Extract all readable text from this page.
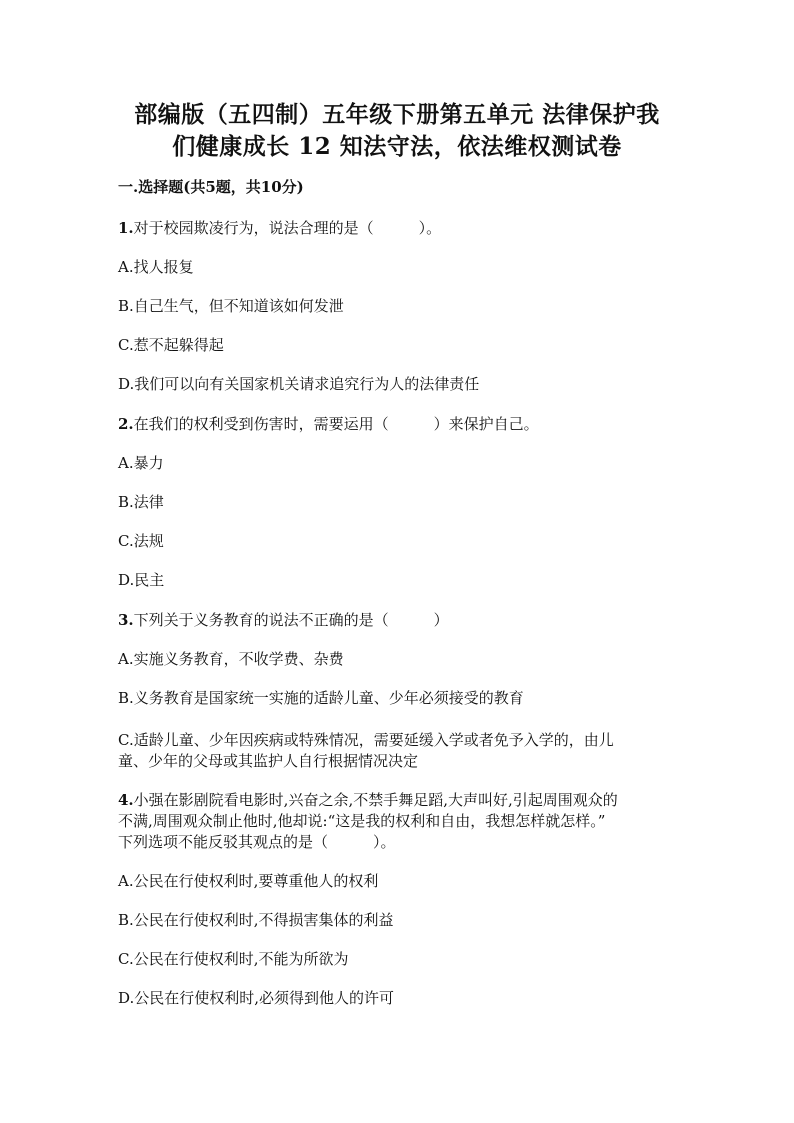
部编版（五四制）五年级下册第五单元 法律保护我
们健康成长 12 知法守法，依法维权测试卷
一.选择题(共5题，共10分)
1.对于校园欺凌行为，说法合理的是（　　　）。
A.找人报复
B.自己生气，但不知道该如何发泄
C.惹不起躲得起
D.我们可以向有关国家机关请求追究行为人的法律责任
2.在我们的权利受到伤害时，需要运用（　　　）来保护自己。
A.暴力
B.法律
C.法规
D.民主
3.下列关于义务教育的说法不正确的是（　　　）
A.实施义务教育，不收学费、杂费
B.义务教育是国家统一实施的适龄儿童、少年必须接受的教育
C.适龄儿童、少年因疾病或特殊情况，需要延缓入学或者免予入学的，由儿
童、少年的父母或其监护人自行根据情况决定
4.小强在影剧院看电影时,兴奋之余,不禁手舞足蹈,大声叫好,引起周围观众的
不满,周围观众制止他时,他却说:“这是我的权利和自由，我想怎样就怎样。”
下列选项不能反驳其观点的是（　　　）。
A.公民在行使权利时,要尊重他人的权利
B.公民在行使权利时,不得损害集体的利益
C.公民在行使权利时,不能为所欲为
D.公民在行使权利时,必须得到他人的许可
